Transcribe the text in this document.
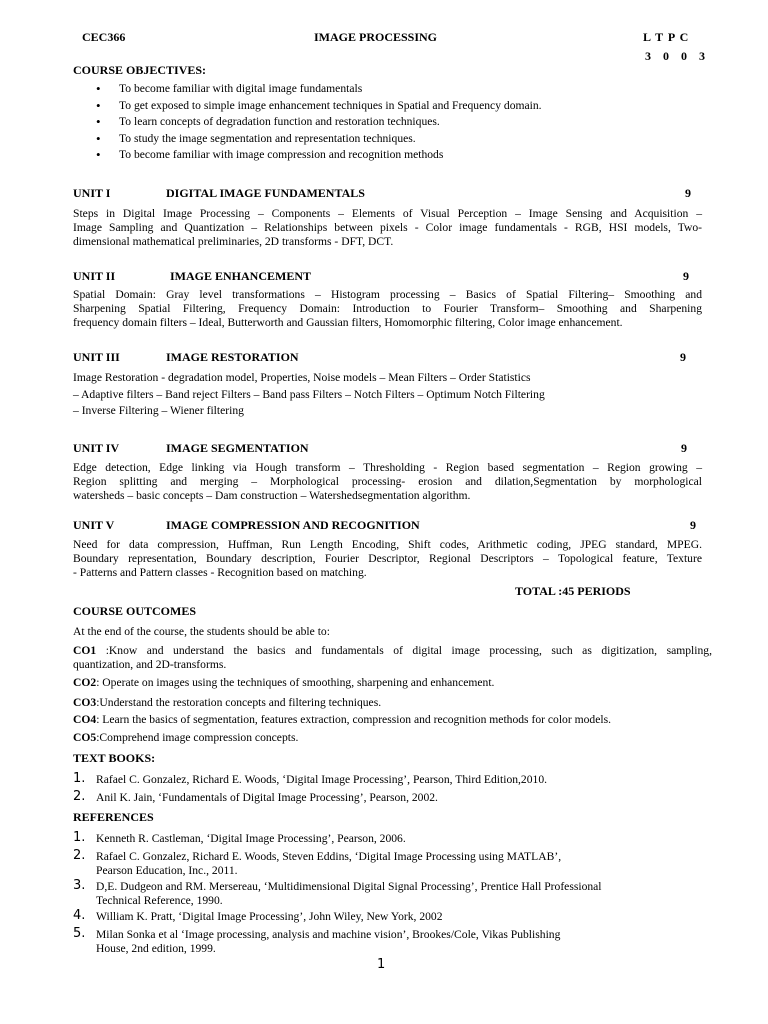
CEC366	IMAGE PROCESSING	L T P C
3  0  0  3
COURSE OBJECTIVES:
• To become familiar with digital image fundamentals
• To get exposed to simple image enhancement techniques in Spatial and Frequency domain.
• To learn concepts of degradation function and restoration techniques.
• To study the image segmentation and representation techniques.
• To become familiar with image compression and recognition methods
UNIT I	DIGITAL IMAGE FUNDAMENTALS	9
Steps in Digital Image Processing – Components – Elements of Visual Perception – Image Sensing and Acquisition –
Image Sampling and Quantization – Relationships between pixels - Color image fundamentals - RGB, HSI models, Two-
dimensional mathematical preliminaries, 2D transforms - DFT, DCT.
UNIT II	IMAGE ENHANCEMENT	9
Spatial Domain: Gray level transformations – Histogram processing – Basics of Spatial Filtering– Smoothing and
Sharpening Spatial Filtering, Frequency Domain: Introduction to Fourier Transform– Smoothing and Sharpening
frequency domain filters – Ideal, Butterworth and Gaussian filters, Homomorphic filtering, Color image enhancement.
UNIT III	IMAGE RESTORATION	9
Image Restoration - degradation model, Properties, Noise models – Mean Filters – Order Statistics
– Adaptive filters – Band reject Filters – Band pass Filters – Notch Filters – Optimum Notch Filtering
– Inverse Filtering – Wiener filtering
UNIT IV	IMAGE SEGMENTATION	9
Edge detection, Edge linking via Hough transform – Thresholding - Region based segmentation – Region growing –
Region splitting and merging – Morphological processing- erosion and dilation,Segmentation by morphological
watersheds – basic concepts – Dam construction – Watershedsegmentation algorithm.
UNIT V	IMAGE COMPRESSION AND RECOGNITION	9
Need for data compression, Huffman, Run Length Encoding, Shift codes, Arithmetic coding, JPEG standard, MPEG.
Boundary representation, Boundary description, Fourier Descriptor, Regional Descriptors – Topological feature, Texture
- Patterns and Pattern classes - Recognition based on matching.
TOTAL :45 PERIODS
COURSE OUTCOMES
At the end of the course, the students should be able to:
CO1 :Know and understand the basics and fundamentals of digital image processing, such as digitization, sampling,
quantization, and 2D-transforms.
CO2: Operate on images using the techniques of smoothing, sharpening and enhancement.
CO3:Understand the restoration concepts and filtering techniques.
CO4: Learn the basics of segmentation, features extraction, compression and recognition methods for color models.
CO5:Comprehend image compression concepts.
TEXT BOOKS:
1. Rafael C. Gonzalez, Richard E. Woods, ‘Digital Image Processing’, Pearson, Third Edition,2010.
2. Anil K. Jain, ‘Fundamentals of Digital Image Processing’, Pearson, 2002.
REFERENCES
1. Kenneth R. Castleman, ‘Digital Image Processing’, Pearson, 2006.
2. Rafael C. Gonzalez, Richard E. Woods, Steven Eddins, ‘Digital Image Processing using MATLAB’,
Pearson Education, Inc., 2011.
3. D,E. Dudgeon and RM. Mersereau, ‘Multidimensional Digital Signal Processing’, Prentice Hall Professional
Technical Reference, 1990.
4. William K. Pratt, ‘Digital Image Processing’, John Wiley, New York, 2002
5. Milan Sonka et al ‘Image processing, analysis and machine vision’, Brookes/Cole, Vikas Publishing
House, 2nd edition, 1999.
1
